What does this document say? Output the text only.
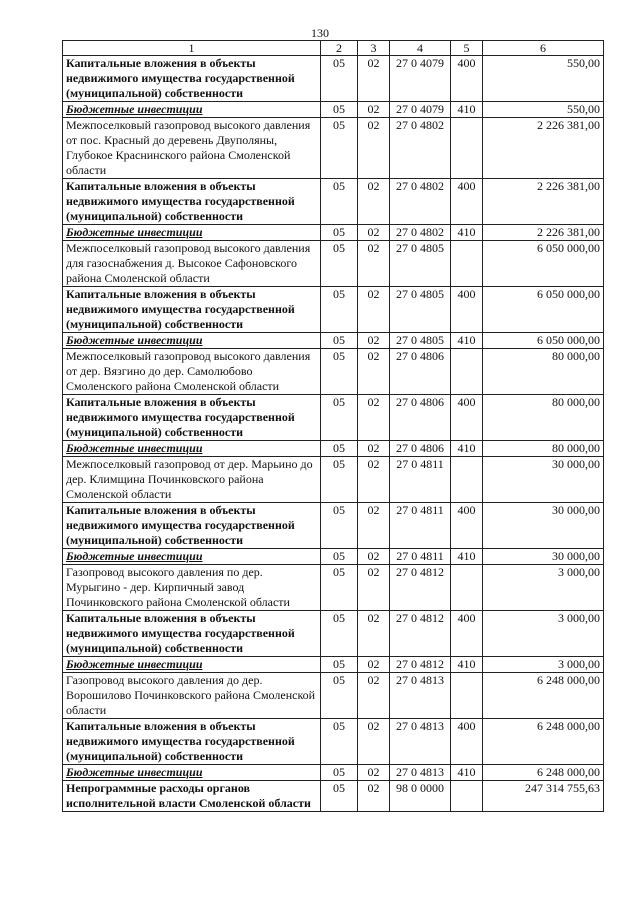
130
1	2	3	4	5	6
Капитальные вложения в объекты недвижимого имущества государственной (муниципальной) собственности	05	02	27 0 4079	400	550,00
Бюджетные инвестиции	05	02	27 0 4079	410	550,00
Межпоселковый газопровод высокого давления от пос. Красный до деревень Двуполяны, Глубокое Краснинского района Смоленской области	05	02	27 0 4802		2 226 381,00
Капитальные вложения в объекты недвижимого имущества государственной (муниципальной) собственности	05	02	27 0 4802	400	2 226 381,00
Бюджетные инвестиции	05	02	27 0 4802	410	2 226 381,00
Межпоселковый газопровод высокого давления для газоснабжения д. Высокое Сафоновского района Смоленской области	05	02	27 0 4805		6 050 000,00
Капитальные вложения в объекты недвижимого имущества государственной (муниципальной) собственности	05	02	27 0 4805	400	6 050 000,00
Бюджетные инвестиции	05	02	27 0 4805	410	6 050 000,00
Межпоселковый газопровод высокого давления от дер. Вязгино до дер. Самолюбово Смоленского района Смоленской области	05	02	27 0 4806		80 000,00
Капитальные вложения в объекты недвижимого имущества государственной (муниципальной) собственности	05	02	27 0 4806	400	80 000,00
Бюджетные инвестиции	05	02	27 0 4806	410	80 000,00
Межпоселковый газопровод от дер. Марьино до дер. Климщина Починковского района Смоленской области	05	02	27 0 4811		30 000,00
Капитальные вложения в объекты недвижимого имущества государственной (муниципальной) собственности	05	02	27 0 4811	400	30 000,00
Бюджетные инвестиции	05	02	27 0 4811	410	30 000,00
Газопровод высокого давления по дер. Мурыгино - дер. Кирпичный завод Починковского района Смоленской области	05	02	27 0 4812		3 000,00
Капитальные вложения в объекты недвижимого имущества государственной (муниципальной) собственности	05	02	27 0 4812	400	3 000,00
Бюджетные инвестиции	05	02	27 0 4812	410	3 000,00
Газопровод высокого давления до дер. Ворошилово Починковского района Смоленской области	05	02	27 0 4813		6 248 000,00
Капитальные вложения в объекты недвижимого имущества государственной (муниципальной) собственности	05	02	27 0 4813	400	6 248 000,00
Бюджетные инвестиции	05	02	27 0 4813	410	6 248 000,00
Непрограммные расходы органов исполнительной власти Смоленской области	05	02	98 0 0000		247 314 755,63
